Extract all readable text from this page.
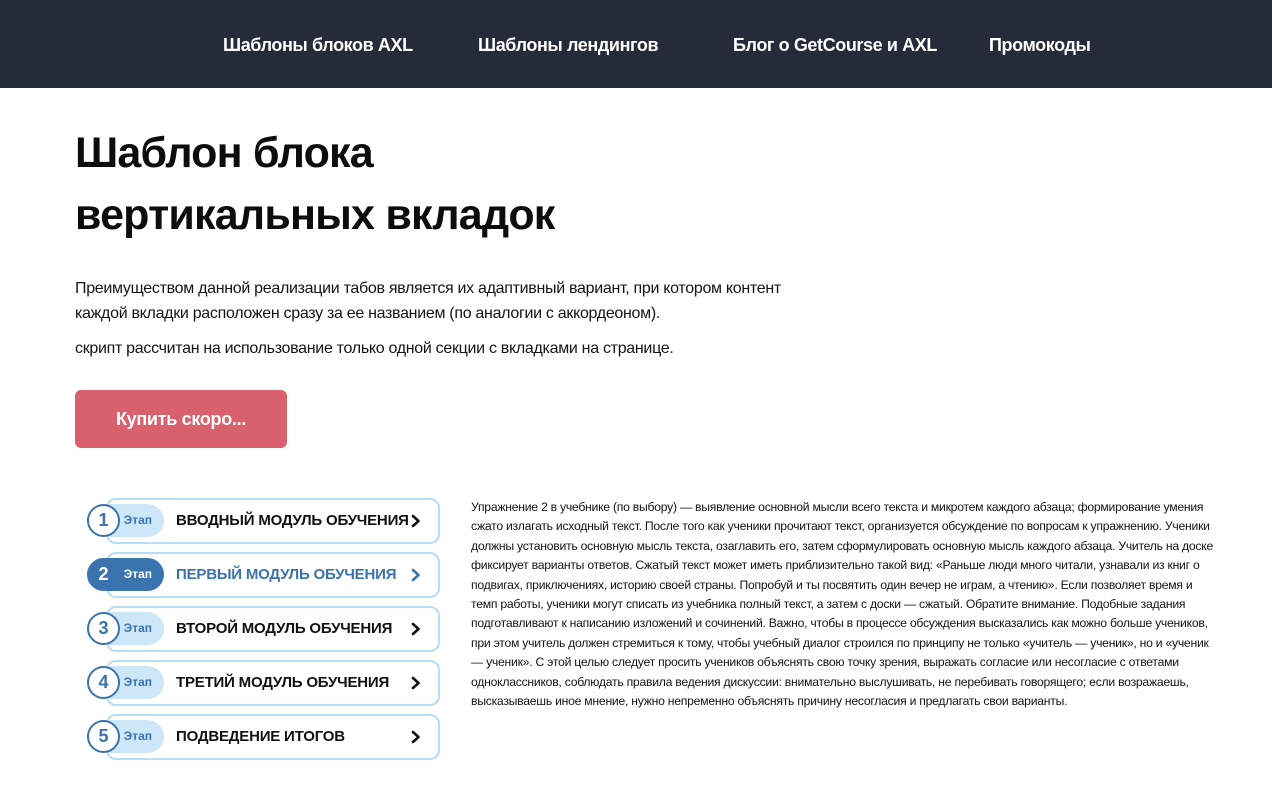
Шаблоны блоков AXL	Шаблоны лендингов	Блог о GetCourse и AXL	Промокоды
Шаблон блока
вертикальных вкладок

Преимуществом данной реализации табов является их адаптивный вариант, при котором контент каждой вкладки расположен сразу за ее названием (по аналогии с аккордеоном).

скрипт рассчитан на использование только одной секции с вкладками на странице.

Купить скоро...
Этап
1	ВВОДНЫЙ МОДУЛЬ ОБУЧЕНИЯ
Этап
2	ПЕРВЫЙ МОДУЛЬ ОБУЧЕНИЯ
Этап
3	ВТОРОЙ МОДУЛЬ ОБУЧЕНИЯ
Этап
4	ТРЕТИЙ МОДУЛЬ ОБУЧЕНИЯ
Этап
5	ПОДВЕДЕНИЕ ИТОГОВ
Упражнение 2 в учебнике (по выбору) — выявление основной мысли всего текста и микротем каждого абзаца; формирование умения сжато излагать исходный текст. После того как ученики прочитают текст, организуется обсуждение по вопросам к упражнению. Ученики должны установить основную мысль текста, озаглавить его, затем сформулировать основную мысль каждого абзаца. Учитель на доске фиксирует варианты ответов. Сжатый текст может иметь приблизительно такой вид: «Раньше люди много читали, узнавали из книг о подвигах, приключениях, историю своей страны. Попробуй и ты посвятить один вечер не играм, а чтению». Если позволяет время и темп работы, ученики могут списать из учебника полный текст, а затем с доски — сжатый. Обратите внимание. Подобные задания подготавливают к написанию изложений и сочинений. Важно, чтобы в процессе обсуждения высказались как можно больше учеников, при этом учитель должен стремиться к тому, чтобы учебный диалог строился по принципу не только «учитель — ученик», но и «ученик — ученик». С этой целью следует просить учеников объяснять свою точку зрения, выражать согласие или несогласие с ответами одноклассников, соблюдать правила ведения дискуссии: внимательно выслушивать, не перебивать говорящего; если возражаешь, высказываешь иное мнение, нужно непременно объяснять причину несогласия и предлагать свои варианты.
